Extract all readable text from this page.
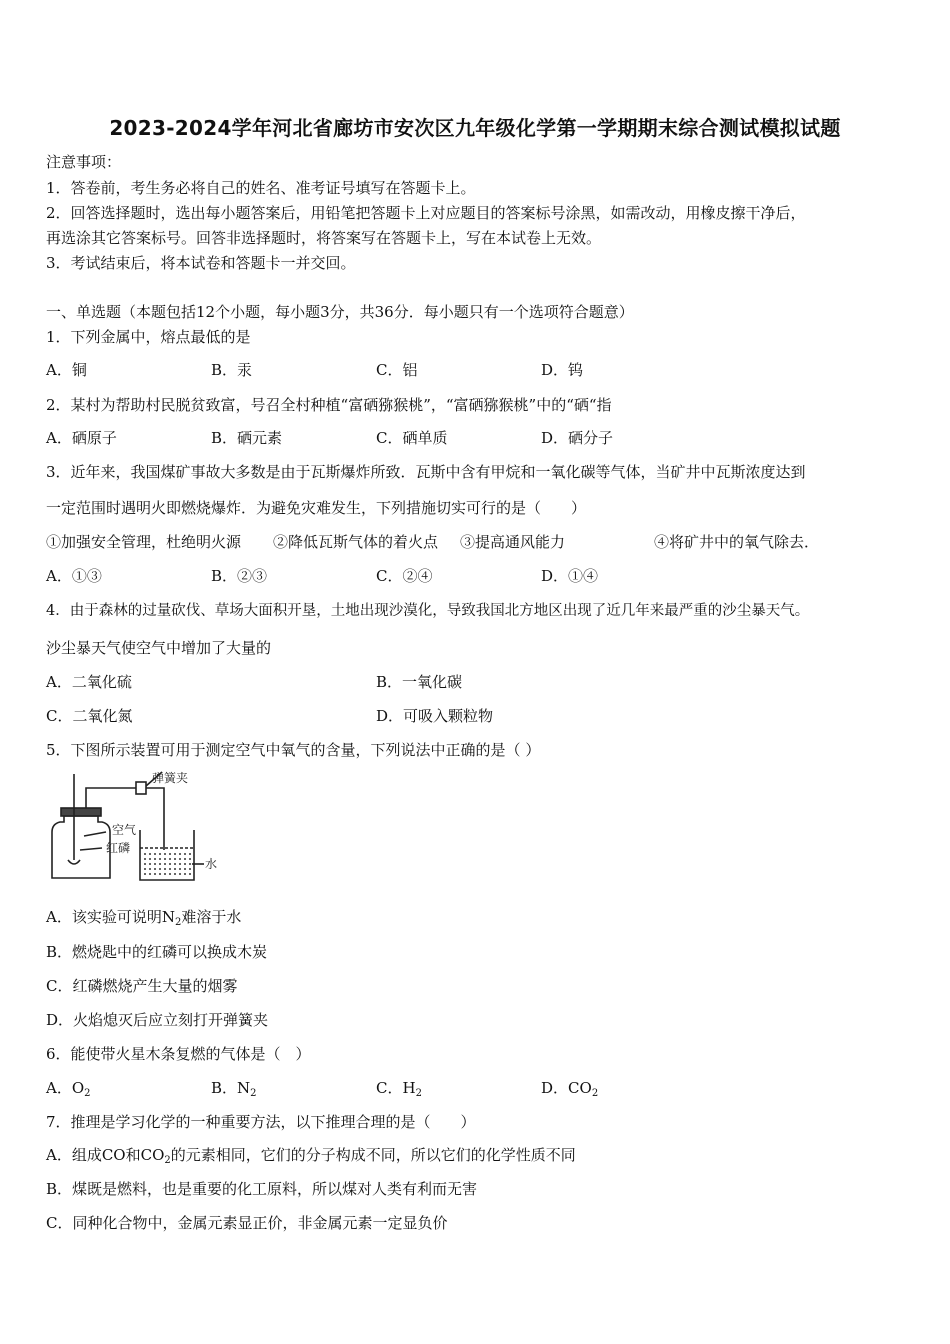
2023-2024学年河北省廊坊市安次区九年级化学第一学期期末综合测试模拟试题
注意事项：
1．答卷前，考生务必将自己的姓名、准考证号填写在答题卡上。
2．回答选择题时，选出每小题答案后，用铅笔把答题卡上对应题目的答案标号涂黑，如需改动，用橡皮擦干净后，
再选涂其它答案标号。回答非选择题时，将答案写在答题卡上，写在本试卷上无效。
3．考试结束后，将本试卷和答题卡一并交回。
一、单选题（本题包括12个小题，每小题3分，共36分．每小题只有一个选项符合题意）
1．下列金属中，熔点最低的是
A．铜	B．汞	C．铝	D．钨
2．某村为帮助村民脱贫致富，号召全村种植“富硒猕猴桃”，“富硒猕猴桃”中的“硒“指
A．硒原子	B．硒元素	C．硒单质	D．硒分子
3．近年来，我国煤矿事故大多数是由于瓦斯爆炸所致．瓦斯中含有甲烷和一氧化碳等气体，当矿井中瓦斯浓度达到
一定范围时遇明火即燃烧爆炸．为避免灾难发生，下列措施切实可行的是（　　）
①加强安全管理，杜绝明火源 ②降低瓦斯气体的着火点 ③提高通风能力	④将矿井中的氧气除去．
A．①③	B．②③	C．②④	D．①④
4．由于森林的过量砍伐、草场大面积开垦，土地出现沙漠化，导致我国北方地区出现了近几年来最严重的沙尘暴天气。
沙尘暴天气使空气中增加了大量的
A．二氧化硫	B．一氧化碳
C．二氧化氮	D．可吸入颗粒物
5．下图所示装置可用于测定空气中氧气的含量，下列说法中正确的是（ ）
弹簧夹
空气
红磷
水
A．该实验可说明$N_2$难溶于水
B．燃烧匙中的红磷可以换成木炭
C．红磷燃烧产生大量的烟雾
D．火焰熄灭后应立刻打开弹簧夹
6．能使带火星木条复燃的气体是（　）
A．$O_2$	B．$N_2$	C．$H_2$	D．$CO_2$
7．推理是学习化学的一种重要方法，以下推理合理的是（　　）
A．组成CO和$CO_2$的元素相同，它们的分子构成不同，所以它们的化学性质不同
B．煤既是燃料，也是重要的化工原料，所以煤对人类有利而无害
C．同种化合物中，金属元素显正价，非金属元素一定显负价
